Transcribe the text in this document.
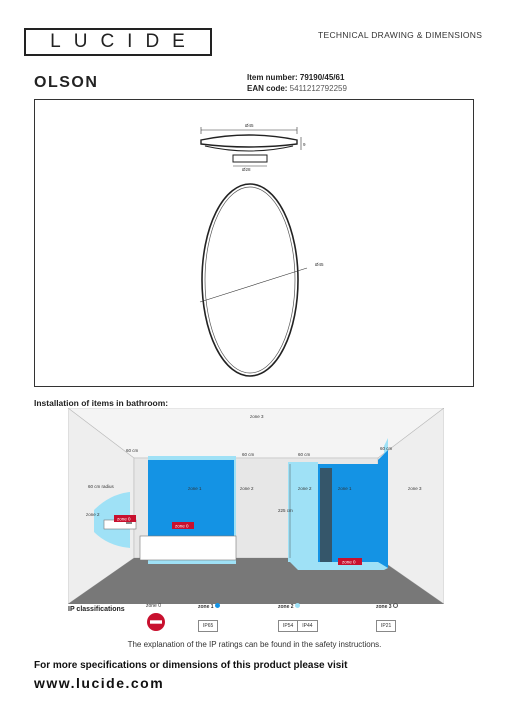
LUCIDE	TECHNICAL DRAWING & DIMENSIONS
OLSON	Item number: 79190/45/61
EAN code: 5411212792259
Ø45
9
Ø28
Ø45
Installation of items in bathroom:
zone 0
zone 0
zone 0
zone 3
zone 3
zone 1	zone 1
zone 2	zone 2
zone 2
60 cm
60 cm	60 cm
60 cm
60 cm radius
225 cm
IP classifications	zone 0	zone 1
IP65
zone 2
IP54 IP44
zone 3
IP21
The explanation of the IP ratings can be found in the safety instructions.
For more specifications or dimensions of this product please visit
www.lucide.com
